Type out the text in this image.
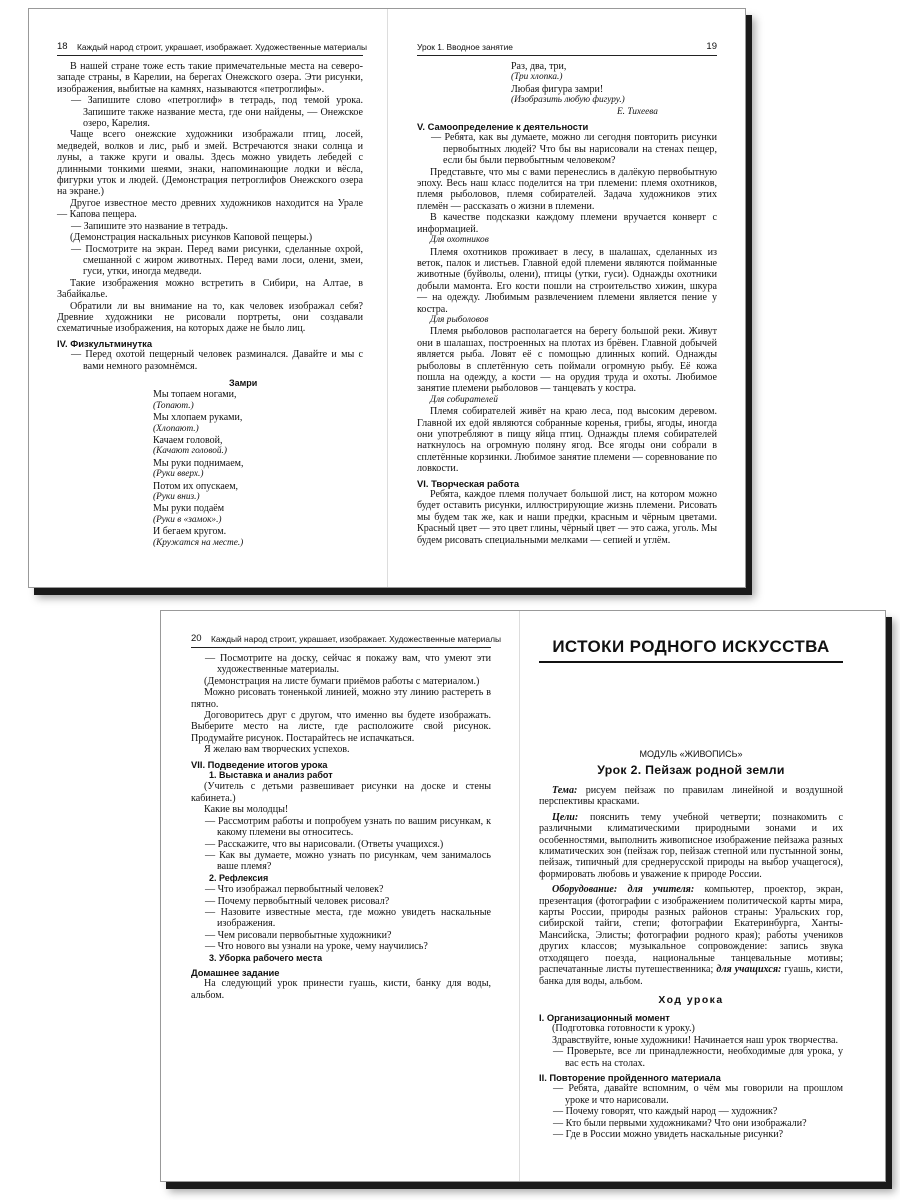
18 Каждый народ строит, украшает, изображает. Художественные материалы
В нашей стране тоже есть такие примечательные места на северо-западе страны, в Карелии, на берегах Онежского озера. Эти рисунки, изображения, выбитые на камнях, называются «петроглифы».
— Запишите слово «петроглиф» в тетрадь, под темой урока. Запишите также название места, где они найдены, — Онежское озеро, Карелия.
Чаще всего онежские художники изображали птиц, лосей, медведей, волков и лис, рыб и змей. Встречаются знаки солнца и луны, а также круги и овалы. Здесь можно увидеть лебедей с длинными тонкими шеями, знаки, напоминающие лодки и вёсла, фигурки уток и людей. (Демонстрация петроглифов Онежского озера на экране.)
Другое известное место древних художников находится на Урале — Капова пещера.
— Запишите это название в тетрадь.
(Демонстрация наскальных рисунков Каповой пещеры.)
— Посмотрите на экран. Перед вами рисунки, сделанные охрой, смешанной с жиром животных. Перед вами лоси, олени, змеи, гуси, утки, иногда медведи.
Такие изображения можно встретить в Сибири, на Алтае, в Забайкалье.
Обратили ли вы внимание на то, как человек изображал себя? Древние художники не рисовали портреты, они создавали схематичные изображения, на которых даже не было лиц.
IV. Физкультминутка
— Перед охотой пещерный человек разминался. Давайте и мы с вами немного разомнёмся.
Замри
Мы топаем ногами,
(Топают.)
Мы хлопаем руками,
(Хлопают.)
Качаем головой,
(Качают головой.)
Мы руки поднимаем,
(Руки вверх.)
Потом их опускаем,
(Руки вниз.)
Мы руки подаём
(Руки в «замок».)
И бегаем кругом.
(Кружатся на месте.)
Урок 1. Вводное занятие	19
Раз, два, три,
(Три хлопка.)
Любая фигура замри!
(Изобразить любую фигуру.)
Е. Тихеева
V. Самоопределение к деятельности
— Ребята, как вы думаете, можно ли сегодня повторить рисунки первобытных людей? Что бы вы нарисовали на стенах пещер, если бы были первобытным человеком?
Представьте, что мы с вами перенеслись в далёкую первобытную эпоху. Весь наш класс поделится на три племени: племя охотников, племя рыболовов, племя собирателей. Задача художников этих племён — рассказать о жизни в племени.
В качестве подсказки каждому племени вручается конверт с информацией.
Для охотников
Племя охотников проживает в лесу, в шалашах, сделанных из веток, палок и листьев. Главной едой племени являются пойманные животные (буйволы, олени), птицы (утки, гуси). Однажды охотники добыли мамонта. Его кости пошли на строительство хижин, шкура — на одежду. Любимым развлечением племени является пение у костра.
Для рыболовов
Племя рыболовов располагается на берегу большой реки. Живут они в шалашах, построенных на плотах из брёвен. Главной добычей является рыба. Ловят её с помощью длинных копий. Однажды рыболовы в сплетённую сеть поймали огромную рыбу. Её кожа пошла на одежду, а кости — на орудия труда и охоты. Любимое занятие племени рыболовов — танцевать у костра.
Для собирателей
Племя собирателей живёт на краю леса, под высоким деревом. Главной их едой являются собранные коренья, грибы, ягоды, иногда они употребляют в пищу яйца птиц. Однажды племя собирателей наткнулось на огромную поляну ягод. Все ягоды они собрали в сплетённые корзинки. Любимое занятие племени — соревнование по ловкости.
VI. Творческая работа
Ребята, каждое племя получает большой лист, на котором можно будет оставить рисунки, иллюстрирующие жизнь племени. Рисовать мы будем так же, как и наши предки, красным и чёрным цветами. Красный цвет — это цвет глины, чёрный цвет — это сажа, уголь. Мы будем рисовать специальными мелками — сепией и углём.
20 Каждый народ строит, украшает, изображает. Художественные материалы
— Посмотрите на доску, сейчас я покажу вам, что умеют эти художественные материалы.
(Демонстрация на листе бумаги приёмов работы с материалом.)
Можно рисовать тоненькой линией, можно эту линию растереть в пятно.
Договоритесь друг с другом, что именно вы будете изображать. Выберите место на листе, где расположите свой рисунок. Продумайте рисунок. Постарайтесь не испачкаться.
Я желаю вам творческих успехов.
VII. Подведение итогов урока
1. Выставка и анализ работ
(Учитель с детьми развешивает рисунки на доске и стены кабинета.)
Какие вы молодцы!
— Рассмотрим работы и попробуем узнать по вашим рисункам, к какому племени вы относитесь.
— Расскажите, что вы нарисовали. (Ответы учащихся.)
— Как вы думаете, можно узнать по рисункам, чем занималось ваше племя?
2. Рефлексия
— Что изображал первобытный человек?
— Почему первобытный человек рисовал?
— Назовите известные места, где можно увидеть наскальные изображения.
— Чем рисовали первобытные художники?
— Что нового вы узнали на уроке, чему научились?
3. Уборка рабочего места
Домашнее задание
На следующий урок принести гуашь, кисти, банку для воды, альбом.
ИСТОКИ РОДНОГО ИСКУССТВА
МОДУЛЬ «ЖИВОПИСЬ»
Урок 2. Пейзаж родной земли

Тема: рисуем пейзаж по правилам линейной и воздушной перспективы красками.

Цели: пояснить тему учебной четверти; познакомить с различными климатическими природными зонами и их особенностями, выполнить живописное изображение пейзажа разных климатических зон (пейзаж гор, пейзаж степной или пустынной зоны, пейзаж, типичный для среднерусской природы на выбор учащегося), формировать любовь и уважение к природе России.

Оборудование: для учителя: компьютер, проектор, экран, презентация (фотографии с изображением политической карты мира, карты России, природы разных районов страны: Уральских гор, сибирской тайги, степи; фотографии Екатеринбурга, Ханты-Мансийска, Элисты; фотографии родного края); работы учеников других классов; музыкальное сопровождение: запись звука отходящего поезда, национальные танцевальные мотивы; распечатанные листы путешественника; для учащихся: гуашь, кисти, банка для воды, альбом.

Ход урока
I. Организационный момент
(Подготовка готовности к уроку.)
Здравствуйте, юные художники! Начинается наш урок творчества.
— Проверьте, все ли принадлежности, необходимые для урока, у вас есть на столах.
II. Повторение пройденного материала
— Ребята, давайте вспомним, о чём мы говорили на прошлом уроке и что нарисовали.
— Почему говорят, что каждый народ — художник?
— Кто были первыми художниками? Что они изображали?
— Где в России можно увидеть наскальные рисунки?
